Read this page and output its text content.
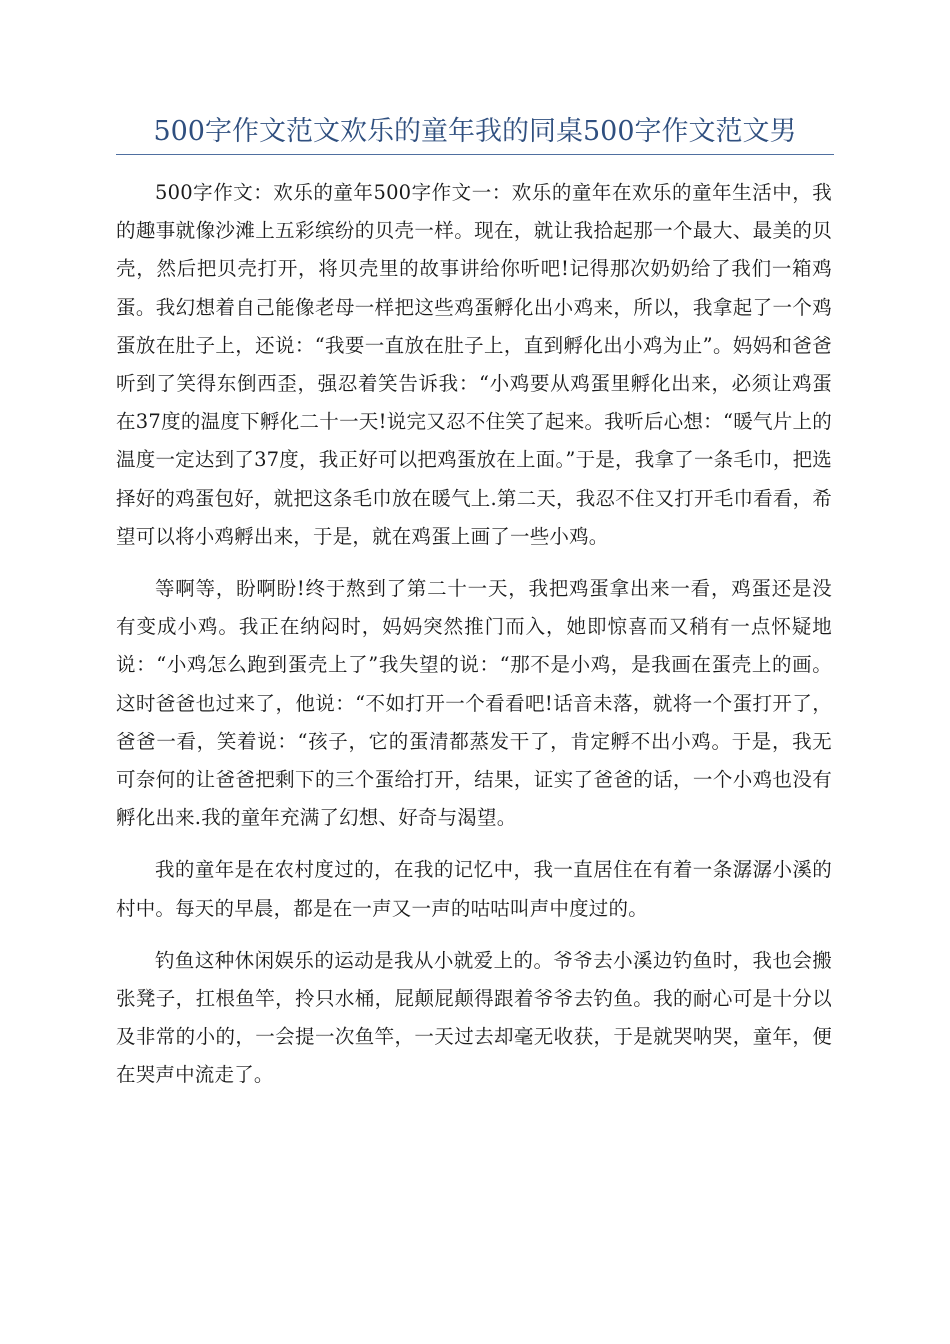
500字作文范文欢乐的童年我的同桌500字作文范文男

500字作文：欢乐的童年500字作文一：欢乐的童年在欢乐的童年生活中，我的趣事就像沙滩上五彩缤纷的贝壳一样。现在，就让我拾起那一个最大、最美的贝壳，然后把贝壳打开，将贝壳里的故事讲给你听吧!记得那次奶奶给了我们一箱鸡蛋。我幻想着自己能像老母一样把这些鸡蛋孵化出小鸡来，所以，我拿起了一个鸡蛋放在肚子上，还说：“我要一直放在肚子上，直到孵化出小鸡为止”。妈妈和爸爸听到了笑得东倒西歪，强忍着笑告诉我：“小鸡要从鸡蛋里孵化出来，必须让鸡蛋在37度的温度下孵化二十一天!说完又忍不住笑了起来。我听后心想：“暖气片上的温度一定达到了37度，我正好可以把鸡蛋放在上面。”于是，我拿了一条毛巾，把选择好的鸡蛋包好，就把这条毛巾放在暖气上.第二天，我忍不住又打开毛巾看看，希望可以将小鸡孵出来，于是，就在鸡蛋上画了一些小鸡。

等啊等，盼啊盼!终于熬到了第二十一天，我把鸡蛋拿出来一看，鸡蛋还是没有变成小鸡。我正在纳闷时，妈妈突然推门而入，她即惊喜而又稍有一点怀疑地说：“小鸡怎么跑到蛋壳上了”我失望的说：“那不是小鸡，是我画在蛋壳上的画。这时爸爸也过来了，他说：“不如打开一个看看吧!话音未落，就将一个蛋打开了，爸爸一看，笑着说：“孩子，它的蛋清都蒸发干了，肯定孵不出小鸡。于是，我无可奈何的让爸爸把剩下的三个蛋给打开，结果，证实了爸爸的话，一个小鸡也没有孵化出来.我的童年充满了幻想、好奇与渴望。

我的童年是在农村度过的，在我的记忆中，我一直居住在有着一条潺潺小溪的村中。每天的早晨，都是在一声又一声的咕咕叫声中度过的。

钓鱼这种休闲娱乐的运动是我从小就爱上的。爷爷去小溪边钓鱼时，我也会搬张凳子，扛根鱼竿，拎只水桶，屁颠屁颠得跟着爷爷去钓鱼。我的耐心可是十分以及非常的小的，一会提一次鱼竿，一天过去却毫无收获，于是就哭呐哭，童年，便在哭声中流走了。
